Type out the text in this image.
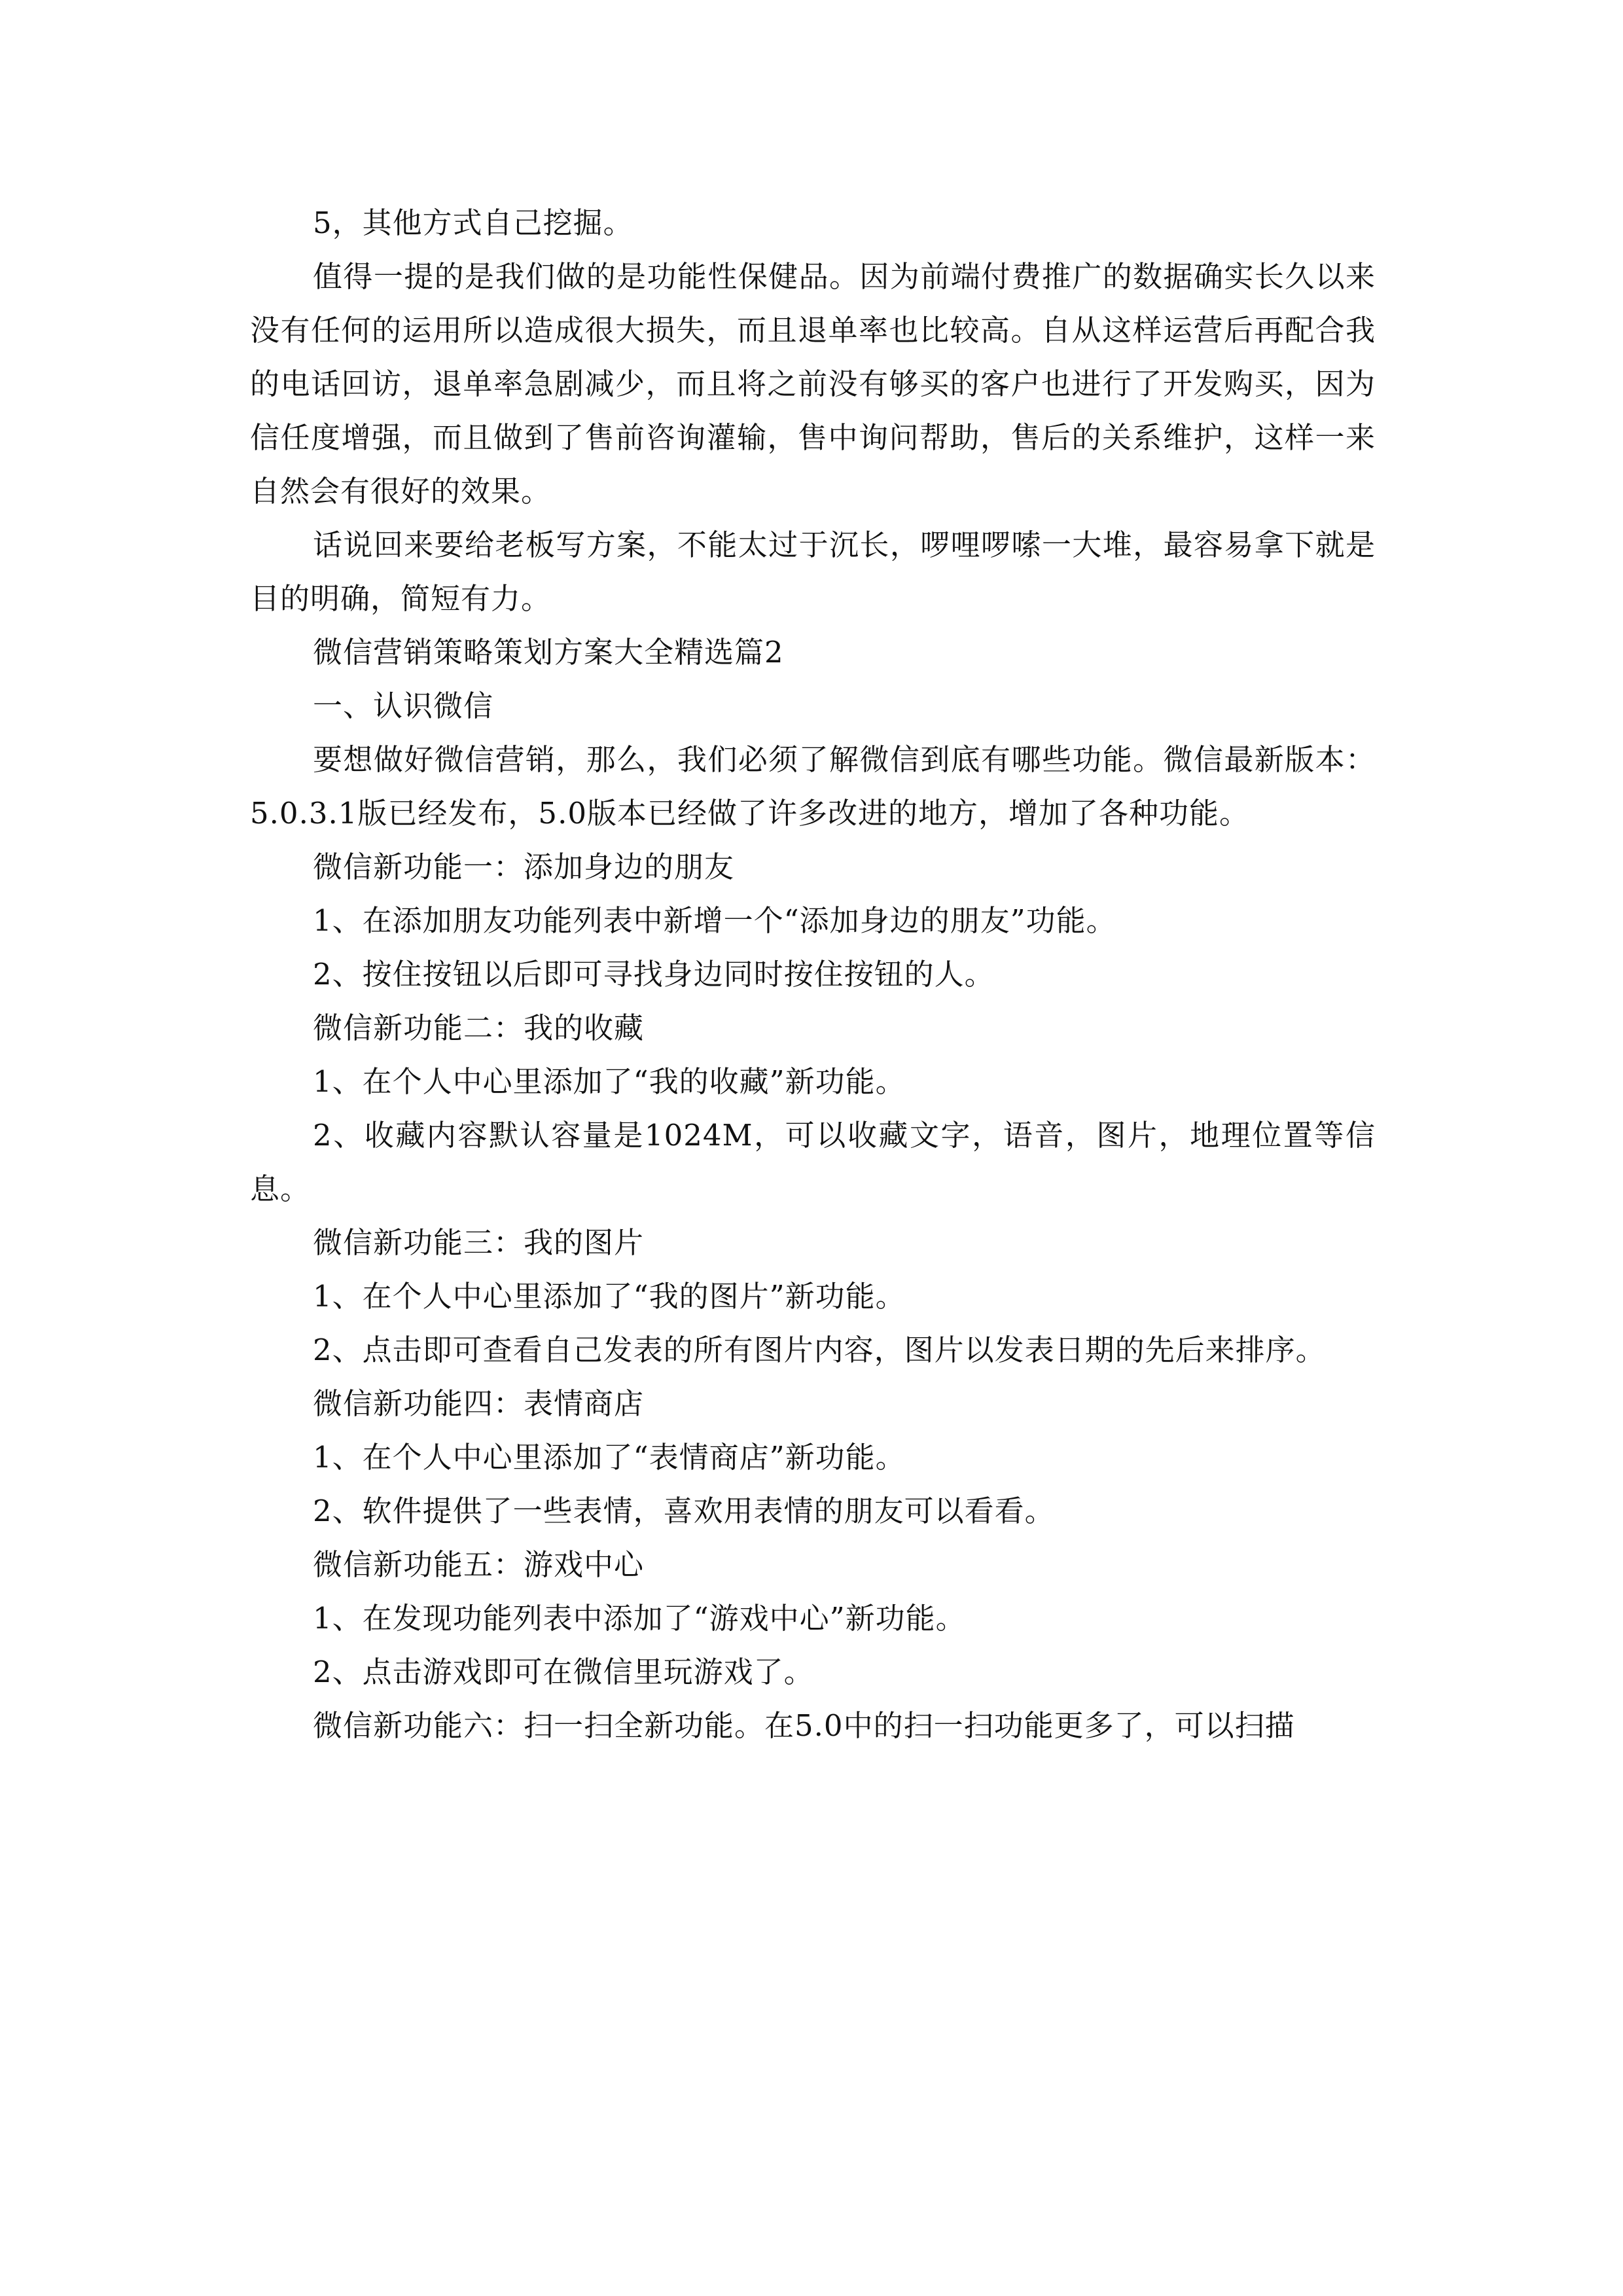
5，其他方式自己挖掘。

值得一提的是我们做的是功能性保健品。因为前端付费推广的数据确实长久以来没有任何的运用所以造成很大损失，而且退单率也比较高。自从这样运营后再配合我的电话回访，退单率急剧减少，而且将之前没有够买的客户也进行了开发购买，因为信任度增强，而且做到了售前咨询灌输，售中询问帮助，售后的关系维护，这样一来自然会有很好的效果。

话说回来要给老板写方案，不能太过于沉长，啰哩啰嗦一大堆，最容易拿下就是目的明确，简短有力。

微信营销策略策划方案大全精选篇2

一、认识微信

要想做好微信营销，那么，我们必须了解微信到底有哪些功能。微信最新版本：5.0.3.1版已经发布，5.0版本已经做了许多改进的地方，增加了各种功能。

微信新功能一：添加身边的朋友

1、在添加朋友功能列表中新增一个“添加身边的朋友”功能。

2、按住按钮以后即可寻找身边同时按住按钮的人。

微信新功能二：我的收藏

1、在个人中心里添加了“我的收藏”新功能。

2、收藏内容默认容量是1024M，可以收藏文字，语音，图片，地理位置等信息。

微信新功能三：我的图片

1、在个人中心里添加了“我的图片”新功能。

2、点击即可查看自己发表的所有图片内容，图片以发表日期的先后来排序。

微信新功能四：表情商店

1、在个人中心里添加了“表情商店”新功能。

2、软件提供了一些表情，喜欢用表情的朋友可以看看。

微信新功能五：游戏中心

1、在发现功能列表中添加了“游戏中心”新功能。

2、点击游戏即可在微信里玩游戏了。

微信新功能六：扫一扫全新功能。在5.0中的扫一扫功能更多了，可以扫描
